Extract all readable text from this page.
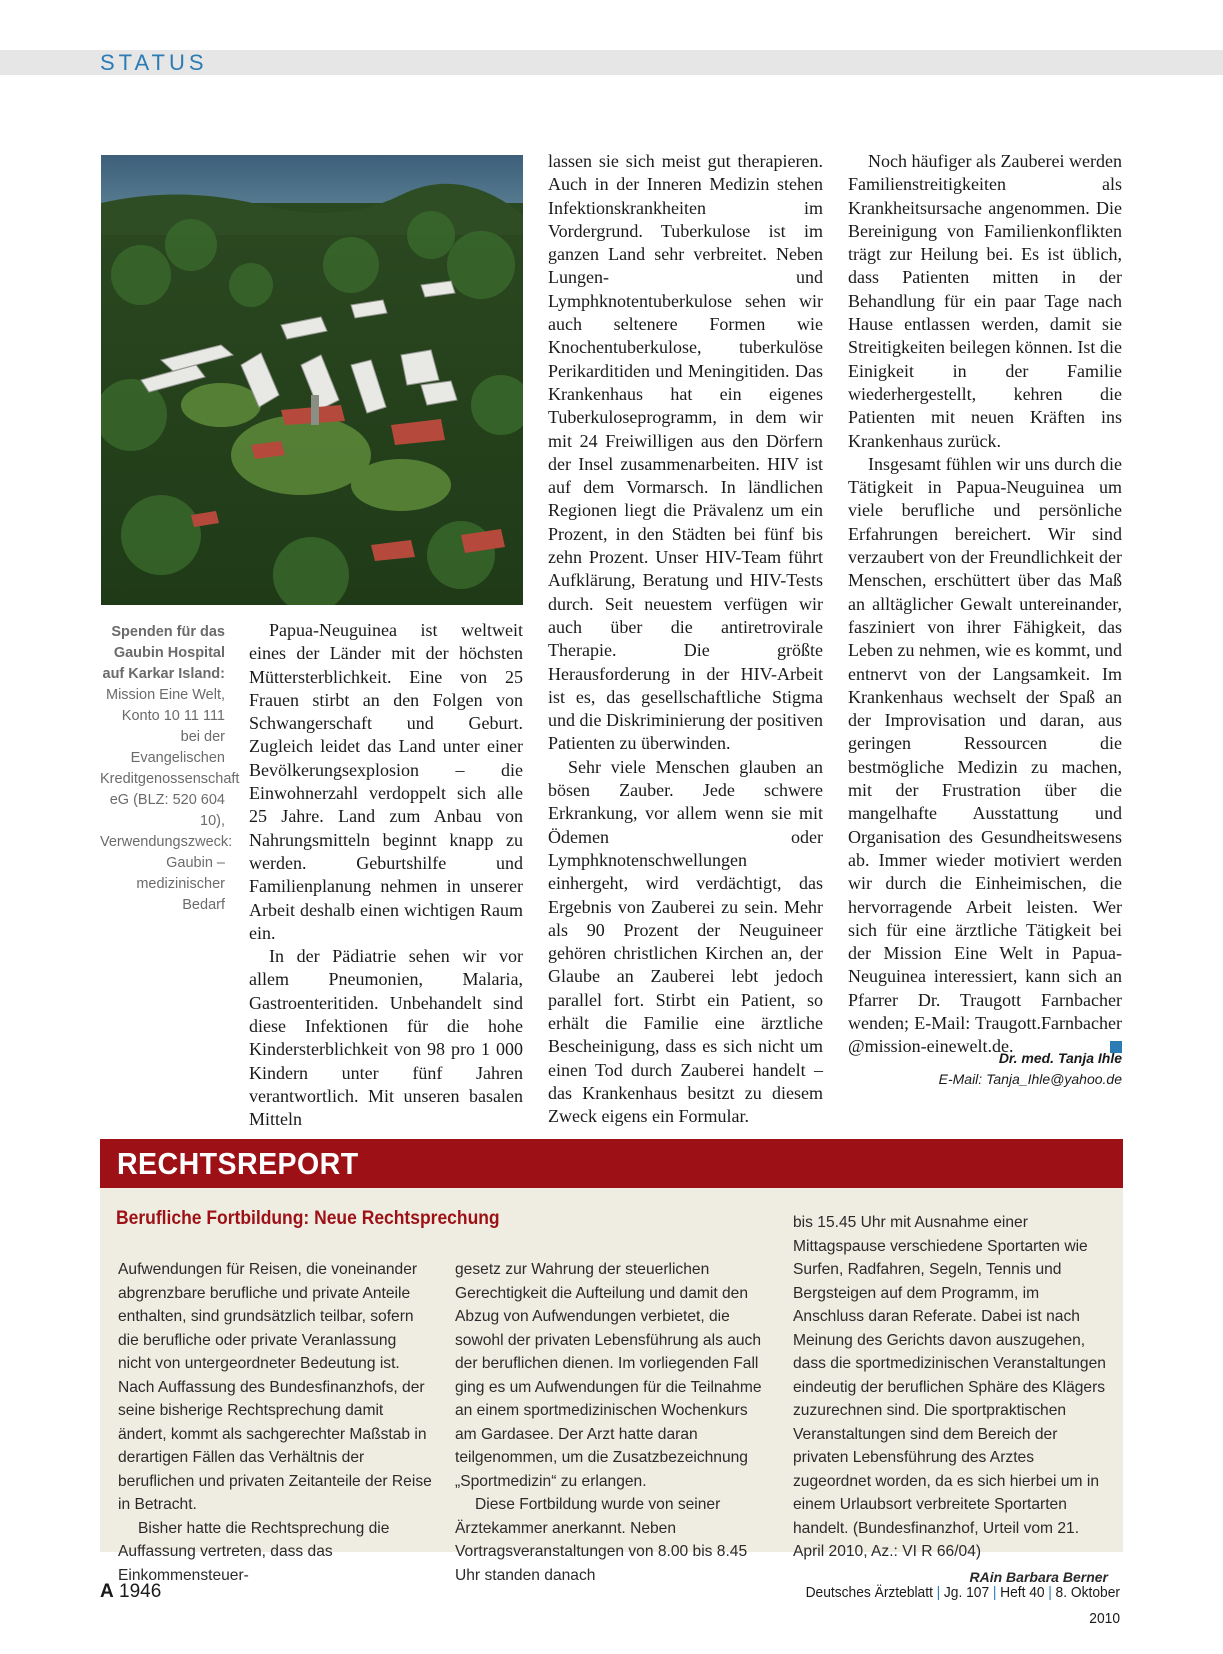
STATUS
Spenden für das Gaubin Hospital auf Karkar Island: Mission Eine Welt, Konto 10 11 111 bei der Evangelischen Kreditgenossenschaft eG (BLZ: 520 604 10), Verwendungszweck: Gaubin – medizinischer Bedarf

Papua-Neuguinea ist weltweit eines der Länder mit der höchsten Müttersterblichkeit. Eine von 25 Frauen stirbt an den Folgen von Schwangerschaft und Geburt. Zugleich leidet das Land unter einer Bevölkerungsexplosion – die Einwohnerzahl verdoppelt sich alle 25 Jahre. Land zum Anbau von Nahrungsmitteln beginnt knapp zu werden. Geburtshilfe und Familienplanung nehmen in unserer Arbeit deshalb einen wichtigen Raum ein.

In der Pädiatrie sehen wir vor allem Pneumonien, Malaria, Gastroenteritiden. Unbehandelt sind diese Infektionen für die hohe Kindersterblichkeit von 98 pro 1 000 Kindern unter fünf Jahren verantwortlich. Mit unseren basalen Mitteln

lassen sie sich meist gut therapieren. Auch in der Inneren Medizin stehen Infektionskrankheiten im Vordergrund. Tuberkulose ist im ganzen Land sehr verbreitet. Neben Lungen- und Lymphknotentuberkulose sehen wir auch seltenere Formen wie Knochentuberkulose, tuberkulöse Perikarditiden und Meningitiden. Das Krankenhaus hat ein eigenes Tuberkuloseprogramm, in dem wir mit 24 Freiwilligen aus den Dörfern der Insel zusammenarbeiten. HIV ist auf dem Vormarsch. In ländlichen Regionen liegt die Prävalenz um ein Prozent, in den Städten bei fünf bis zehn Prozent. Unser HIV-Team führt Aufklärung, Beratung und HIV-Tests durch. Seit neuestem verfügen wir auch über die antiretrovirale Therapie. Die größte Herausforderung in der HIV-Arbeit ist es, das gesellschaftliche Stigma und die Diskriminierung der positiven Patienten zu überwinden.

Sehr viele Menschen glauben an bösen Zauber. Jede schwere Erkrankung, vor allem wenn sie mit Ödemen oder Lymphknotenschwellungen einhergeht, wird verdächtigt, das Ergebnis von Zauberei zu sein. Mehr als 90 Prozent der Neuguineer gehören christlichen Kirchen an, der Glaube an Zauberei lebt jedoch parallel fort. Stirbt ein Patient, so erhält die Familie eine ärztliche Bescheinigung, dass es sich nicht um einen Tod durch Zauberei handelt – das Krankenhaus besitzt zu diesem Zweck eigens ein Formular.

Noch häufiger als Zauberei werden Familienstreitigkeiten als Krankheitsursache angenommen. Die Bereinigung von Familienkonflikten trägt zur Heilung bei. Es ist üblich, dass Patienten mitten in der Behandlung für ein paar Tage nach Hause entlassen werden, damit sie Streitigkeiten beilegen können. Ist die Einigkeit in der Familie wiederhergestellt, kehren die Patienten mit neuen Kräften ins Krankenhaus zurück.

Insgesamt fühlen wir uns durch die Tätigkeit in Papua-Neuguinea um viele berufliche und persönliche Erfahrungen bereichert. Wir sind verzaubert von der Freundlichkeit der Menschen, erschüttert über das Maß an alltäglicher Gewalt untereinander, fasziniert von ihrer Fähigkeit, das Leben zu nehmen, wie es kommt, und entnervt von der Langsamkeit. Im Krankenhaus wechselt der Spaß an der Improvisation und daran, aus geringen Ressourcen die bestmögliche Medizin zu machen, mit der Frustration über die mangelhafte Ausstattung und Organisation des Gesundheitswesens ab. Immer wieder motiviert werden wir durch die Einheimischen, die hervorragende Arbeit leisten. Wer sich für eine ärztliche Tätigkeit bei der Mission Eine Welt in Papua-Neuguinea interessiert, kann sich an Pfarrer Dr. Traugott Farnbacher wenden; E-Mail: Traugott.Farnbacher @mission-einewelt.de.

Dr. med. Tanja Ihle
E-Mail: Tanja_Ihle@yahoo.de
RECHTSREPORT
Berufliche Fortbildung: Neue Rechtsprechung

Aufwendungen für Reisen, die voneinander abgrenzbare berufliche und private Anteile enthalten, sind grundsätzlich teilbar, sofern die berufliche oder private Veranlassung nicht von untergeordneter Bedeutung ist. Nach Auffassung des Bundesfinanzhofs, der seine bisherige Rechtsprechung damit ändert, kommt als sachgerechter Maßstab in derartigen Fällen das Verhältnis der beruflichen und privaten Zeitanteile der Reise in Betracht.

Bisher hatte die Rechtsprechung die Auffassung vertreten, dass das Einkommensteuer-

gesetz zur Wahrung der steuerlichen Gerechtigkeit die Aufteilung und damit den Abzug von Aufwendungen verbietet, die sowohl der privaten Lebensführung als auch der beruflichen dienen. Im vorliegenden Fall ging es um Aufwendungen für die Teilnahme an einem sportmedizinischen Wochenkurs am Gardasee. Der Arzt hatte daran teilgenommen, um die Zusatzbezeichnung „Sportmedizin“ zu erlangen.

Diese Fortbildung wurde von seiner Ärztekammer anerkannt. Neben Vortragsveranstaltungen von 8.00 bis 8.45 Uhr standen danach

bis 15.45 Uhr mit Ausnahme einer Mittagspause verschiedene Sportarten wie Surfen, Radfahren, Segeln, Tennis und Bergsteigen auf dem Programm, im Anschluss daran Referate. Dabei ist nach Meinung des Gerichts davon auszugehen, dass die sportmedizinischen Veranstaltungen eindeutig der beruflichen Sphäre des Klägers zuzurechnen sind. Die sportpraktischen Veranstaltungen sind dem Bereich der privaten Lebensführung des Arztes zugeordnet worden, da es sich hierbei um in einem Urlaubsort verbreitete Sportarten handelt. (Bundesfinanzhof, Urteil vom 21. April 2010, Az.: VI R 66/04)
RAin Barbara Berner

A 1946	Deutsches Ärzteblatt | Jg. 107 | Heft 40 | 8. Oktober 2010
